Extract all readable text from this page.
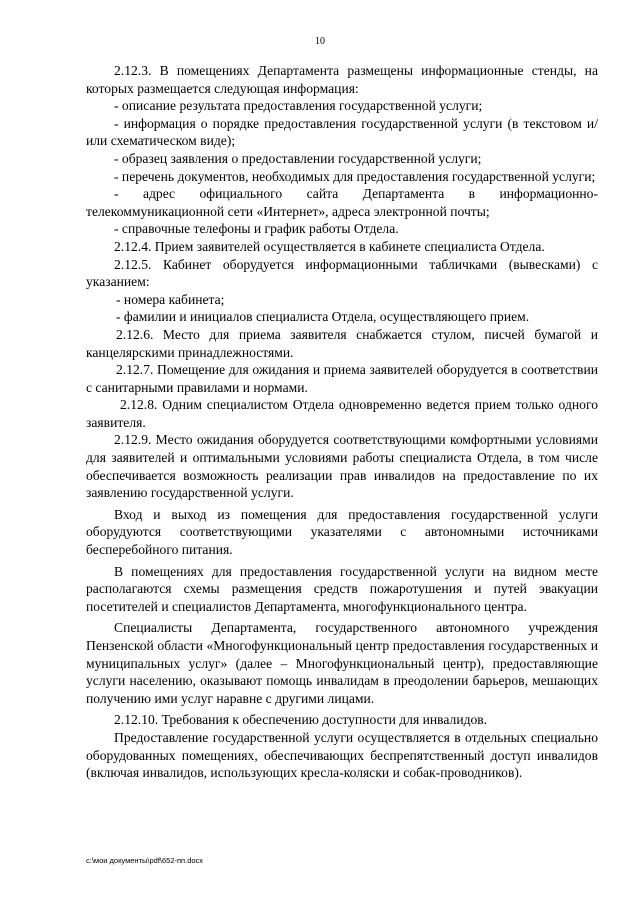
10

2.12.3. В помещениях Департамента размещены информационные стенды, на которых размещается следующая информация:

- описание результата предоставления государственной услуги;

- информация о порядке предоставления государственной услуги (в текстовом и/или схематическом виде);

- образец заявления о предоставлении государственной услуги;

- перечень документов, необходимых для предоставления государственной услуги;

- адрес официального сайта Департамента в информационно-телекоммуникационной сети «Интернет», адреса электронной почты;

- справочные телефоны и график работы Отдела.

2.12.4. Прием заявителей осуществляется в кабинете специалиста Отдела.

2.12.5. Кабинет оборудуется информационными табличками (вывесками) с указанием:

- номера кабинета;

- фамилии и инициалов специалиста Отдела, осуществляющего прием.

2.12.6. Место для приема заявителя снабжается стулом, писчей бумагой и канцелярскими принадлежностями.

2.12.7. Помещение для ожидания и приема заявителей оборудуется в соответствии с санитарными правилами и нормами.

2.12.8. Одним специалистом Отдела одновременно ведется прием только одного заявителя.

2.12.9. Место ожидания оборудуется соответствующими комфортными условиями для заявителей и оптимальными условиями работы специалиста Отдела, в том числе обеспечивается возможность реализации прав инвалидов на предоставление по их заявлению государственной услуги.

Вход и выход из помещения для предоставления государственной услуги оборудуются соответствующими указателями с автономными источниками бесперебойного питания.

В помещениях для предоставления государственной услуги на видном месте располагаются схемы размещения средств пожаротушения и путей эвакуации посетителей и специалистов Департамента, многофункционального центра.

Специалисты Департамента, государственного автономного учреждения Пензенской области «Многофункциональный центр предоставления государственных и муниципальных услуг» (далее – Многофункциональный центр), предоставляющие услуги населению, оказывают помощь инвалидам в преодолении барьеров, мешающих получению ими услуг наравне с другими лицами.

2.12.10. Требования к обеспечению доступности для инвалидов.

Предоставление государственной услуги осуществляется в отдельных специально оборудованных помещениях, обеспечивающих беспрепятственный доступ инвалидов (включая инвалидов, использующих кресла-коляски и собак-проводников).

c:\мои документы\pdf\652-пп.docx
